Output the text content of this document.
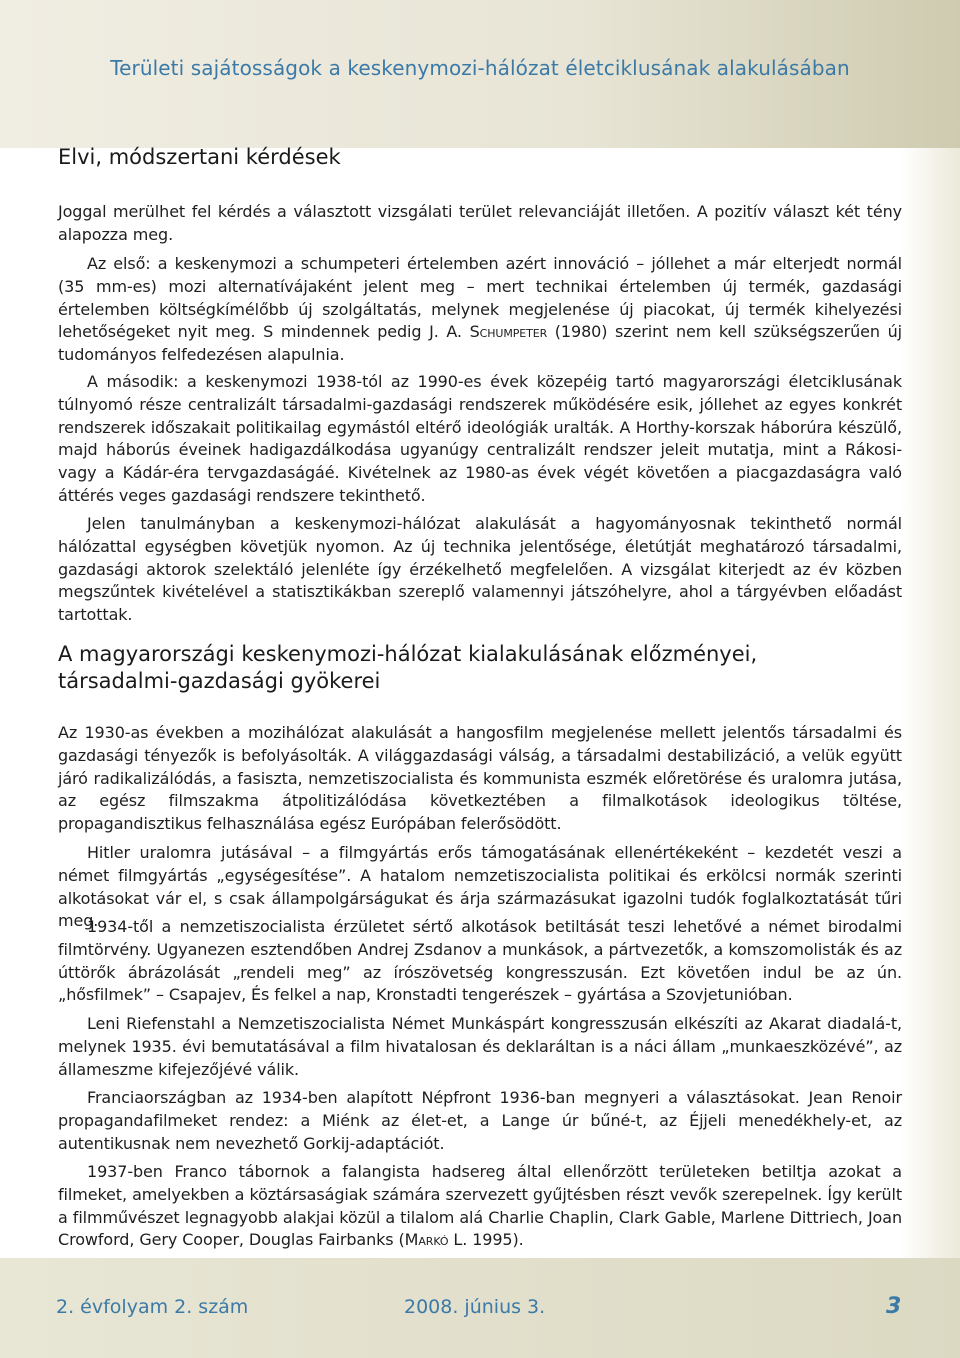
Területi sajátosságok a keskenymozi-hálózat életciklusának alakulásában
Elvi, módszertani kérdések

Joggal merülhet fel kérdés a választott vizsgálati terület relevanciáját illetően. A pozitív választ két tény alapozza meg.

Az első: a keskenymozi a schumpeteri értelemben azért innováció – jóllehet a már elterjedt normál (35 mm-es) mozi alternatívájaként jelent meg – mert technikai értelemben új termék, gazdasági értelemben költségkímélőbb új szolgáltatás, melynek megjelenése új piacokat, új termék kihelyezési lehetőségeket nyit meg. S mindennek pedig J. A. Schumpeter (1980) szerint nem kell szükségszerűen új tudományos felfedezésen alapulnia.

A második: a keskenymozi 1938-tól az 1990-es évek közepéig tartó magyarországi életciklusának túlnyomó része centralizált társadalmi-gazdasági rendszerek működésére esik, jóllehet az egyes konkrét rendszerek időszakait politikailag egymástól eltérő ideológiák uralták. A Horthy-korszak háborúra készülő, majd háborús éveinek hadigazdálkodása ugyanúgy centralizált rendszer jeleit mutatja, mint a Rákosi- vagy a Kádár-éra tervgazdaságáé. Kivételnek az 1980-as évek végét követően a piacgazdaságra való áttérés veges gazdasági rendszere tekinthető.

Jelen tanulmányban a keskenymozi-hálózat alakulását a hagyományosnak tekinthető normál hálózattal egységben követjük nyomon. Az új technika jelentősége, életútját meghatározó társadalmi, gazdasági aktorok szelektáló jelenléte így érzékelhető megfelelően. A vizsgálat kiterjedt az év közben megszűntek kivételével a statisztikákban szereplő valamennyi játszóhelyre, ahol a tárgyévben előadást tartottak.

A magyarországi keskenymozi-hálózat kialakulásának előzményei, társadalmi-gazdasági gyökerei

Az 1930-as években a mozihálózat alakulását a hangosfilm megjelenése mellett jelentős társadalmi és gazdasági tényezők is befolyásolták. A világgazdasági válság, a társadalmi destabilizáció, a velük együtt járó radikalizálódás, a fasiszta, nemzetiszocialista és kommunista eszmék előretörése és uralomra jutása, az egész filmszakma átpolitizálódása következtében a filmalkotások ideologikus töltése, propagandisztikus felhasználása egész Európában felerősödött.

Hitler uralomra jutásával – a filmgyártás erős támogatásának ellenértékeként – kezdetét veszi a német filmgyártás „egységesítése”. A hatalom nemzetiszocialista politikai és erkölcsi normák szerinti alkotásokat vár el, s csak állampolgárságukat és árja származásukat igazolni tudók foglalkoztatását tűri meg.

1934-től a nemzetiszocialista érzületet sértő alkotások betiltását teszi lehetővé a német birodalmi filmtörvény. Ugyanezen esztendőben Andrej Zsdanov a munkások, a pártvezetők, a komszomolisták és az úttörők ábrázolását „rendeli meg” az írószövetség kongresszusán. Ezt követően indul be az ún. „hősfilmek” – Csapajev, És felkel a nap, Kronstadti tengerészek – gyártása a Szovjetunióban.

Leni Riefenstahl a Nemzetiszocialista Német Munkáspárt kongresszusán elkészíti az Akarat diadalá-t, melynek 1935. évi bemutatásával a film hivatalosan és deklaráltan is a náci állam „munkaeszközévé”, az állameszme kifejezőjévé válik.

Franciaországban az 1934-ben alapított Népfront 1936-ban megnyeri a választásokat. Jean Renoir propagandafilmeket rendez: a Miénk az élet-et, a Lange úr bűné-t, az Éjjeli menedékhely-et, az autentikusnak nem nevezhető Gorkij-adaptációt.

1937-ben Franco tábornok a falangista hadsereg által ellenőrzött területeken betiltja azokat a filmeket, amelyekben a köztársaságiak számára szervezett gyűjtésben részt vevők szerepelnek. Így került a filmművészet legnagyobb alakjai közül a tilalom alá Charlie Chaplin, Clark Gable, Marlene Dittriech, Joan Crowford, Gery Cooper, Douglas Fairbanks (Markó L. 1995).

2. évfolyam 2. szám	2008. június 3.	3
